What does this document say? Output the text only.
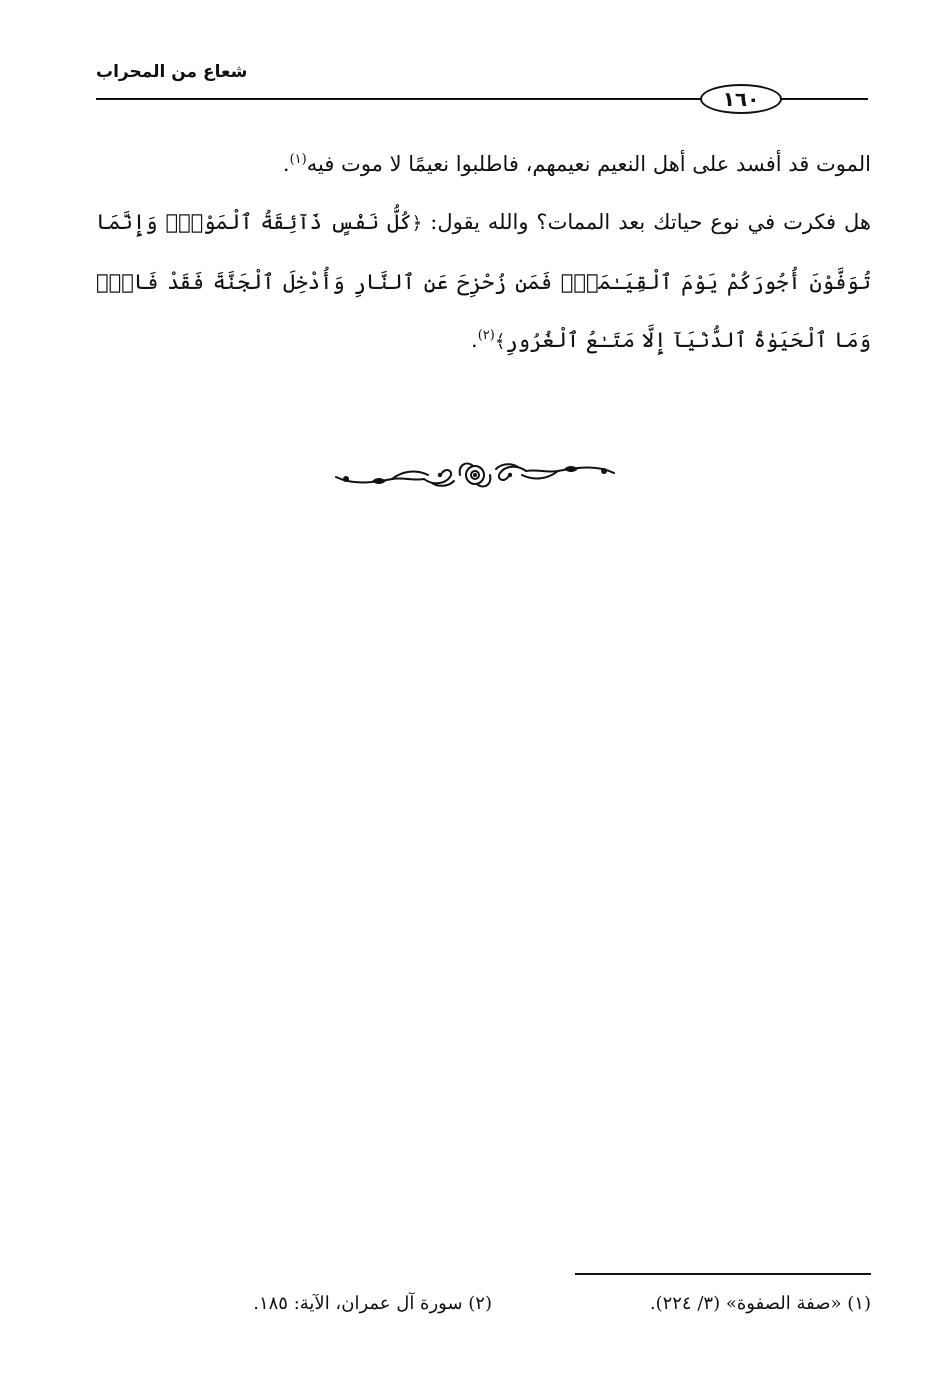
شعاع من المحراب
١٦٠

الموت قد أفسد على أهل النعيم نعيمهم، فاطلبوا نعيمًا لا موت فيه$^{(١)}$.

هل فكرت في نوع حياتك بعد الممات؟ والله يقول: ﴿كُلُّ نَفْسٍ ذَآئِقَةُ ٱلْمَوْتِۗ وَإِنَّمَا تُوَفَّوْنَ أُجُورَكُمْ يَوْمَ ٱلْقِيَـٰمَةِۖ فَمَن زُحْزِحَ عَنِ ٱلنَّارِ وَأُدْخِلَ ٱلْجَنَّةَ فَقَدْ فَازَۗ وَمَا ٱلْحَيَوٰةُ ٱلدُّنْيَآ إِلَّا مَتَـٰعُ ٱلْغُرُورِ﴾$^{(٢)}$.

(١) «صفة الصفوة» (٣/ ٢٢٤).
(٢) سورة آل عمران، الآية: ١٨٥.
